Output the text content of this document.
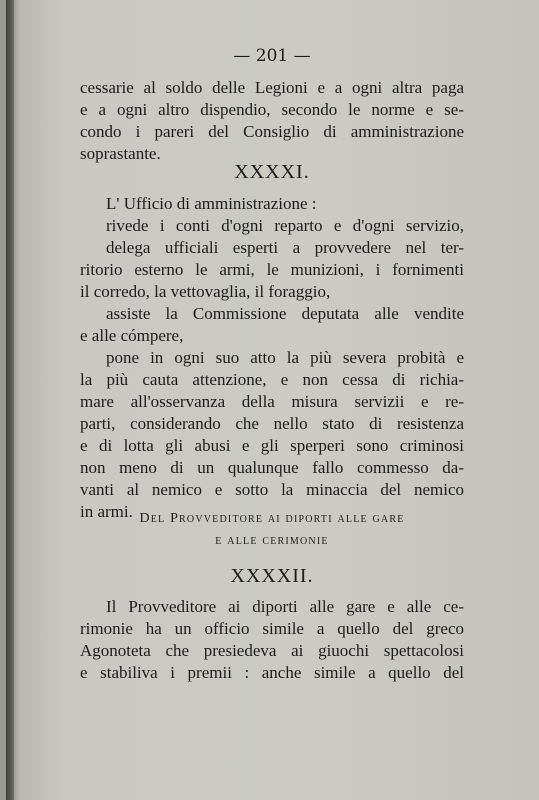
— 201 —
cessarie al soldo delle Legioni e a ogni altra paga
e a ogni altro dispendio, secondo le norme e se-
condo i pareri del Consiglio di amministrazione
soprastante.
XXXXI.
L' Ufficio di amministrazione :
rivede i conti d'ogni reparto e d'ogni servizio,
delega ufficiali esperti a provvedere nel ter-
ritorio esterno le armi, le munizioni, i fornimenti
il corredo, la vettovaglia, il foraggio,
assiste la Commissione deputata alle vendite
e alle cómpere,
pone in ogni suo atto la più severa probità e
la più cauta attenzione, e non cessa di richia-
mare all'osservanza della misura servizii e re-
parti, considerando che nello stato di resistenza
e di lotta gli abusi e gli sperperi sono criminosi
non meno di un qualunque fallo commesso da-
vanti al nemico e sotto la minaccia del nemico
in armi. Del Provveditore ai diporti alle gare
e alle cerimonie
XXXXII.
Il Provveditore ai diporti alle gare e alle ce-
rimonie ha un officio simile a quello del greco
Agonoteta che presiedeva ai giuochi spettacolosi
e stabiliva i premii : anche simile a quello del
